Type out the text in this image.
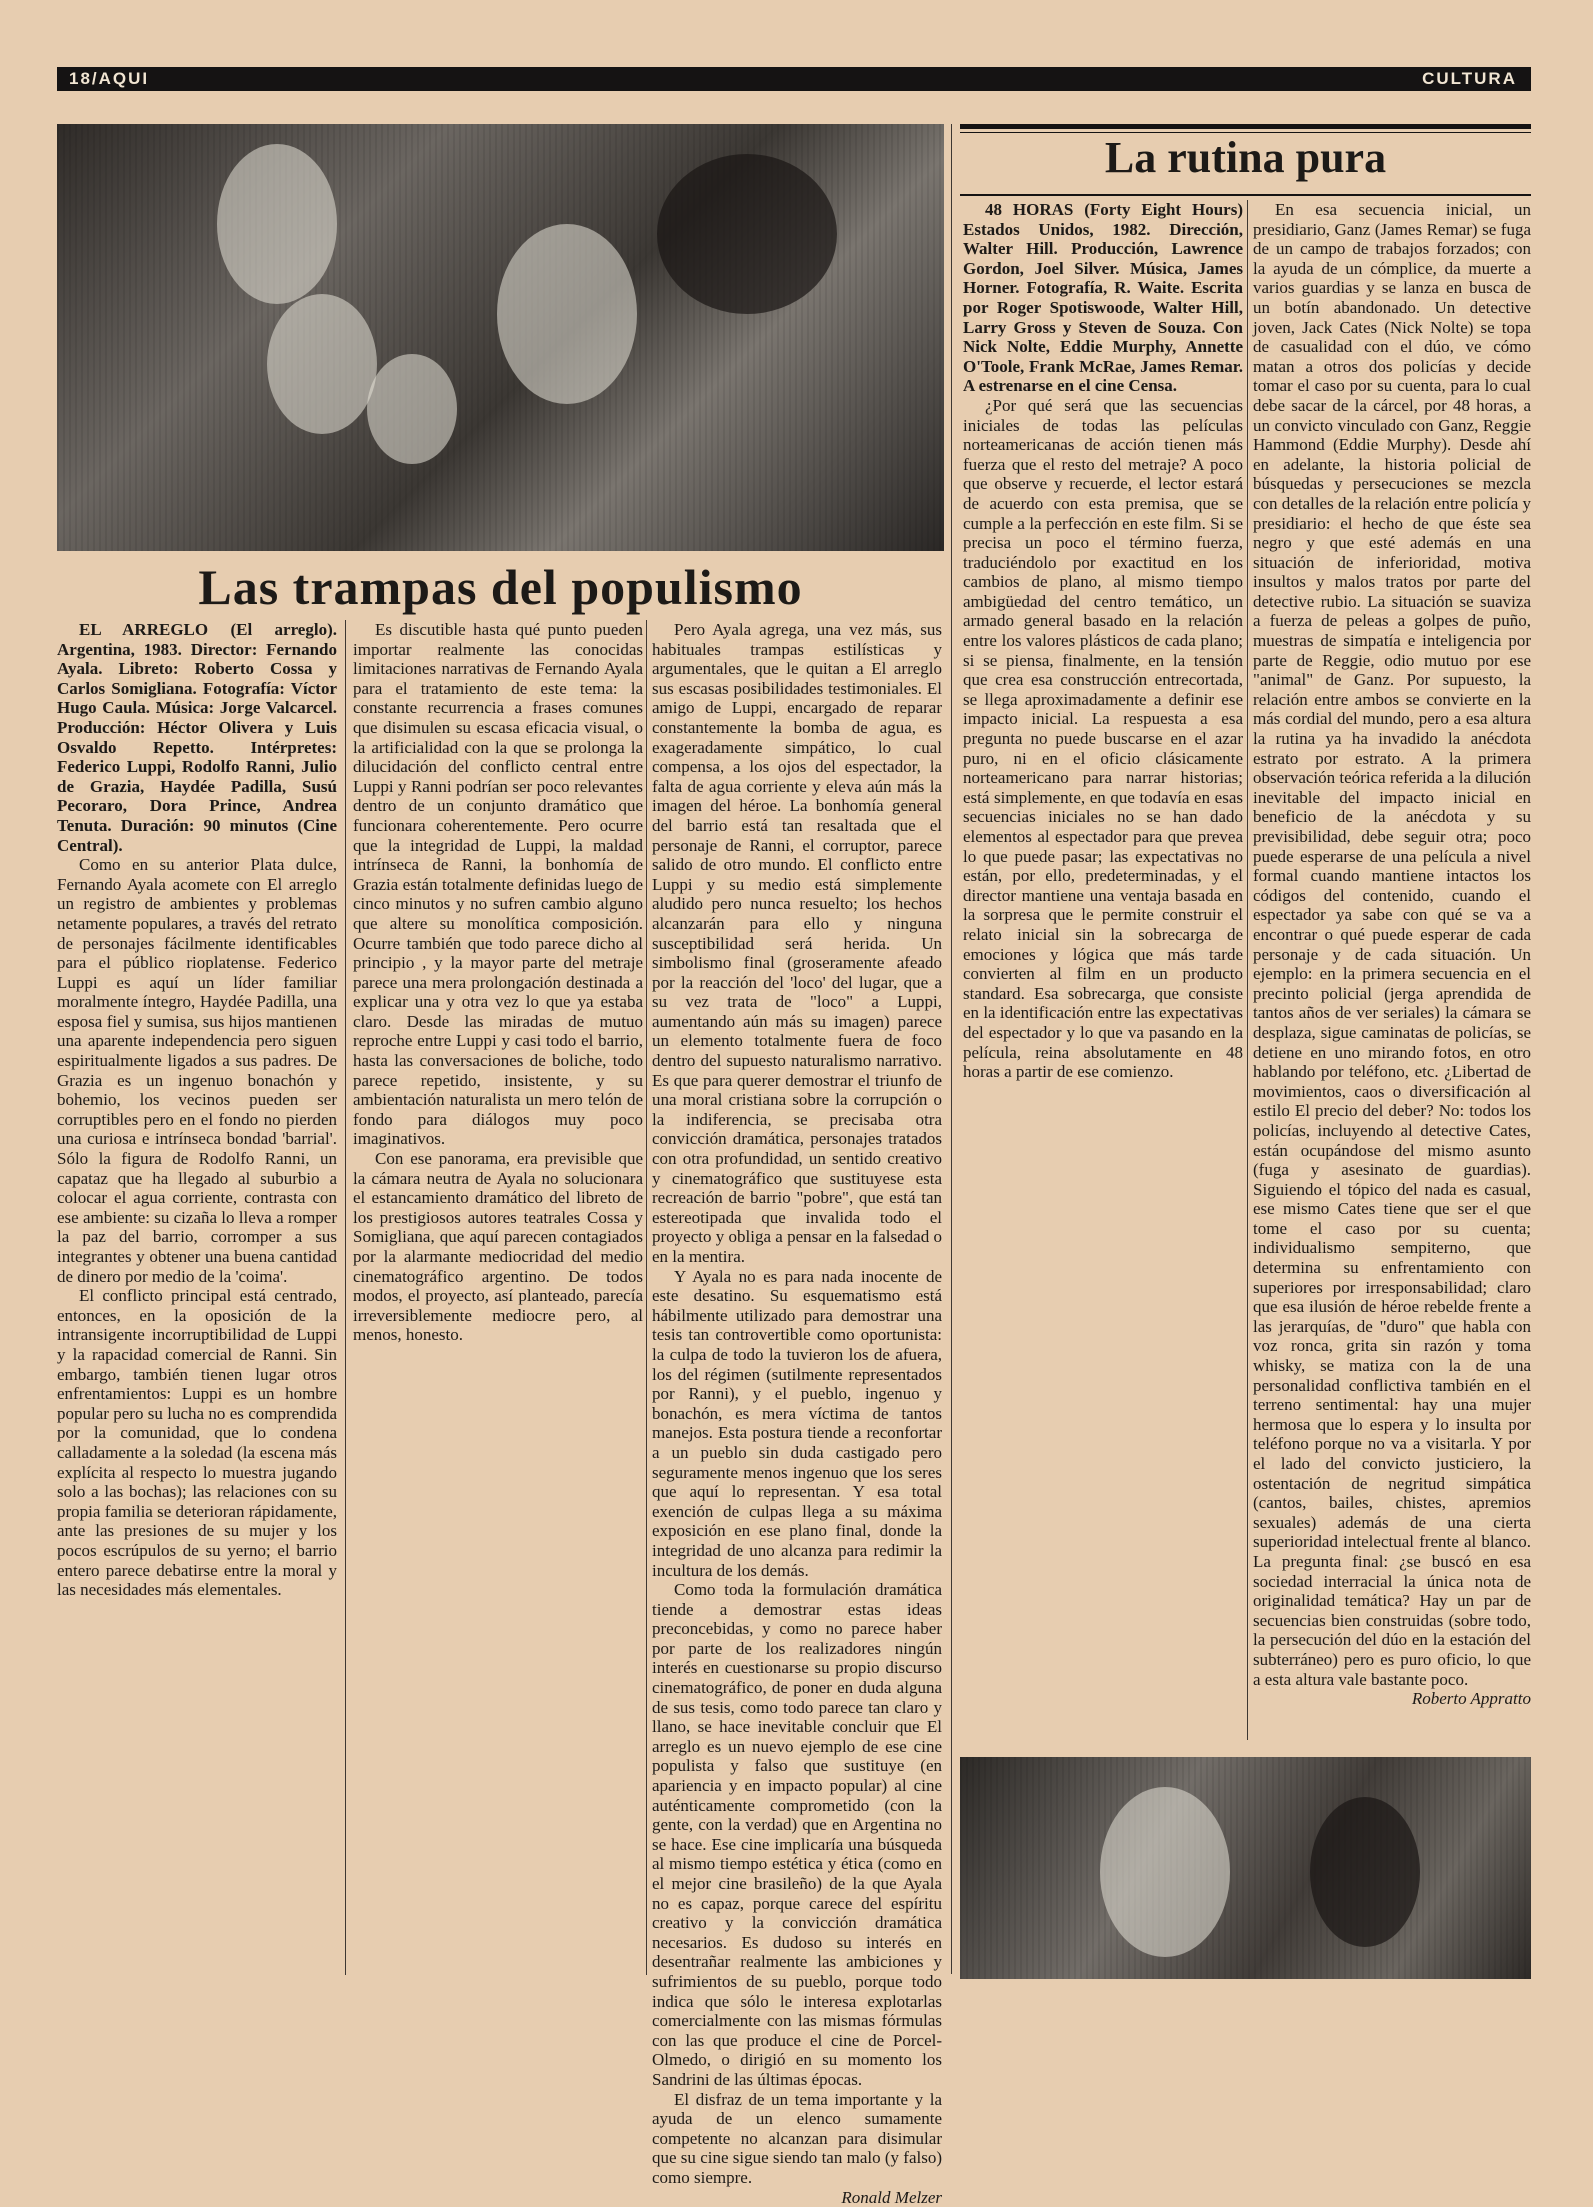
18/AQUI	CULTURA
Las trampas del populismo

EL ARREGLO (El arreglo). Argentina, 1983. Director: Fernando Ayala. Libreto: Roberto Cossa y Carlos Somigliana. Fotografía: Víctor Hugo Caula. Música: Jorge Valcarcel. Producción: Héctor Olivera y Luis Osvaldo Repetto. Intérpretes: Federico Luppi, Rodolfo Ranni, Julio de Grazia, Haydée Padilla, Susú Pecoraro, Dora Prince, Andrea Tenuta. Duración: 90 minutos (Cine Central).

Como en su anterior Plata dulce, Fernando Ayala acomete con El arreglo un registro de ambientes y problemas netamente populares, a través del retrato de personajes fácilmente identificables para el público rioplatense. Federico Luppi es aquí un líder familiar moralmente íntegro, Haydée Padilla, una esposa fiel y sumisa, sus hijos mantienen una aparente independencia pero siguen espiritualmente ligados a sus padres. De Grazia es un ingenuo bonachón y bohemio, los vecinos pueden ser corruptibles pero en el fondo no pierden una curiosa e intrínseca bondad 'barrial'. Sólo la figura de Rodolfo Ranni, un capataz que ha llegado al suburbio a colocar el agua corriente, contrasta con ese ambiente: su cizaña lo lleva a romper la paz del barrio, corromper a sus integrantes y obtener una buena cantidad de dinero por medio de la 'coima'.

El conflicto principal está centrado, entonces, en la oposición de la intransigente incorruptibilidad de Luppi y la rapacidad comercial de Ranni. Sin embargo, también tienen lugar otros enfrentamientos: Luppi es un hombre popular pero su lucha no es comprendida por la comunidad, que lo condena calladamente a la soledad (la escena más explícita al respecto lo muestra jugando solo a las bochas); las relaciones con su propia familia se deterioran rápidamente, ante las presiones de su mujer y los pocos escrúpulos de su yerno; el barrio entero parece debatirse entre la moral y las necesidades más elementales.

Es discutible hasta qué punto pueden importar realmente las conocidas limitaciones narrativas de Fernando Ayala para el tratamiento de este tema: la constante recurrencia a frases comunes que disimulen su escasa eficacia visual, o la artificialidad con la que se prolonga la dilucidación del conflicto central entre Luppi y Ranni podrían ser poco relevantes dentro de un conjunto dramático que funcionara coherentemente. Pero ocurre que la integridad de Luppi, la maldad intrínseca de Ranni, la bonhomía de Grazia están totalmente definidas luego de cinco minutos y no sufren cambio alguno que altere su monolítica composición. Ocurre también que todo parece dicho al principio , y la mayor parte del metraje parece una mera prolongación destinada a explicar una y otra vez lo que ya estaba claro. Desde las miradas de mutuo reproche entre Luppi y casi todo el barrio, hasta las conversaciones de boliche, todo parece repetido, insistente, y su ambientación naturalista un mero telón de fondo para diálogos muy poco imaginativos.

Con ese panorama, era previsible que la cámara neutra de Ayala no solucionara el estancamiento dramático del libreto de los prestigiosos autores teatrales Cossa y Somigliana, que aquí parecen contagiados por la alarmante mediocridad del medio cinematográfico argentino. De todos modos, el proyecto, así planteado, parecía irreversiblemente mediocre pero, al menos, honesto.

Pero Ayala agrega, una vez más, sus habituales trampas estilísticas y argumentales, que le quitan a El arreglo sus escasas posibilidades testimoniales. El amigo de Luppi, encargado de reparar constantemente la bomba de agua, es exageradamente simpático, lo cual compensa, a los ojos del espectador, la falta de agua corriente y eleva aún más la imagen del héroe. La bonhomía general del barrio está tan resaltada que el personaje de Ranni, el corruptor, parece salido de otro mundo. El conflicto entre Luppi y su medio está simplemente aludido pero nunca resuelto; los hechos alcanzarán para ello y ninguna susceptibilidad será herida. Un simbolismo final (groseramente afeado por la reacción del 'loco' del lugar, que a su vez trata de "loco" a Luppi, aumentando aún más su imagen) parece un elemento totalmente fuera de foco dentro del supuesto naturalismo narrativo. Es que para querer demostrar el triunfo de una moral cristiana sobre la corrupción o la indiferencia, se precisaba otra convicción dramática, personajes tratados con otra profundidad, un sentido creativo y cinematográfico que sustituyese esta recreación de barrio "pobre", que está tan estereotipada que invalida todo el proyecto y obliga a pensar en la falsedad o en la mentira.

Y Ayala no es para nada inocente de este desatino. Su esquematismo está hábilmente utilizado para demostrar una tesis tan controvertible como oportunista: la culpa de todo la tuvieron los de afuera, los del régimen (sutilmente representados por Ranni), y el pueblo, ingenuo y bonachón, es mera víctima de tantos manejos. Esta postura tiende a reconfortar a un pueblo sin duda castigado pero seguramente menos ingenuo que los seres que aquí lo representan. Y esa total exención de culpas llega a su máxima exposición en ese plano final, donde la integridad de uno alcanza para redimir la incultura de los demás.

Como toda la formulación dramática tiende a demostrar estas ideas preconcebidas, y como no parece haber por parte de los realizadores ningún interés en cuestionarse su propio discurso cinematográfico, de poner en duda alguna de sus tesis, como todo parece tan claro y llano, se hace inevitable concluir que El arreglo es un nuevo ejemplo de ese cine populista y falso que sustituye (en apariencia y en impacto popular) al cine auténticamente comprometido (con la gente, con la verdad) que en Argentina no se hace. Ese cine implicaría una búsqueda al mismo tiempo estética y ética (como en el mejor cine brasileño) de la que Ayala no es capaz, porque carece del espíritu creativo y la convicción dramática necesarios. Es dudoso su interés en desentrañar realmente las ambiciones y sufrimientos de su pueblo, porque todo indica que sólo le interesa explotarlas comercialmente con las mismas fórmulas con las que produce el cine de Porcel-Olmedo, o dirigió en su momento los Sandrini de las últimas épocas.

El disfraz de un tema importante y la ayuda de un elenco sumamente competente no alcanzan para disimular que su cine sigue siendo tan malo (y falso) como siempre.

Ronald Melzer

La rutina pura

48 HORAS (Forty Eight Hours) Estados Unidos, 1982. Dirección, Walter Hill. Producción, Lawrence Gordon, Joel Silver. Música, James Horner. Fotografía, R. Waite. Escrita por Roger Spotiswoode, Walter Hill, Larry Gross y Steven de Souza. Con Nick Nolte, Eddie Murphy, Annette O'Toole, Frank McRae, James Remar. A estrenarse en el cine Censa.

¿Por qué será que las secuencias iniciales de todas las películas norteamericanas de acción tienen más fuerza que el resto del metraje? A poco que observe y recuerde, el lector estará de acuerdo con esta premisa, que se cumple a la perfección en este film. Si se precisa un poco el término fuerza, traduciéndolo por exactitud en los cambios de plano, al mismo tiempo ambigüedad del centro temático, un armado general basado en la relación entre los valores plásticos de cada plano; si se piensa, finalmente, en la tensión que crea esa construcción entrecortada, se llega aproximadamente a definir ese impacto inicial. La respuesta a esa pregunta no puede buscarse en el azar puro, ni en el oficio clásicamente norteamericano para narrar historias; está simplemente, en que todavía en esas secuencias iniciales no se han dado elementos al espectador para que prevea lo que puede pasar; las expectativas no están, por ello, predeterminadas, y el director mantiene una ventaja basada en la sorpresa que le permite construir el relato inicial sin la sobrecarga de emociones y lógica que más tarde convierten al film en un producto standard. Esa sobrecarga, que consiste en la identificación entre las expectativas del espectador y lo que va pasando en la película, reina absolutamente en 48 horas a partir de ese comienzo.

En esa secuencia inicial, un presidiario, Ganz (James Remar) se fuga de un campo de trabajos forzados; con la ayuda de un cómplice, da muerte a varios guardias y se lanza en busca de un botín abandonado. Un detective joven, Jack Cates (Nick Nolte) se topa de casualidad con el dúo, ve cómo matan a otros dos policías y decide tomar el caso por su cuenta, para lo cual debe sacar de la cárcel, por 48 horas, a un convicto vinculado con Ganz, Reggie Hammond (Eddie Murphy). Desde ahí en adelante, la historia policial de búsquedas y persecuciones se mezcla con detalles de la relación entre policía y presidiario: el hecho de que éste sea negro y que esté además en una situación de inferioridad, motiva insultos y malos tratos por parte del detective rubio. La situación se suaviza a fuerza de peleas a golpes de puño, muestras de simpatía e inteligencia por parte de Reggie, odio mutuo por ese "animal" de Ganz. Por supuesto, la relación entre ambos se convierte en la más cordial del mundo, pero a esa altura la rutina ya ha invadido la anécdota estrato por estrato. A la primera observación teórica referida a la dilución inevitable del impacto inicial en beneficio de la anécdota y su previsibilidad, debe seguir otra; poco puede esperarse de una película a nivel formal cuando mantiene intactos los códigos del contenido, cuando el espectador ya sabe con qué se va a encontrar o qué puede esperar de cada personaje y de cada situación. Un ejemplo: en la primera secuencia en el precinto policial (jerga aprendida de tantos años de ver seriales) la cámara se desplaza, sigue caminatas de policías, se detiene en uno mirando fotos, en otro hablando por teléfono, etc. ¿Libertad de movimientos, caos o diversificación al estilo El precio del deber? No: todos los policías, incluyendo al detective Cates, están ocupándose del mismo asunto (fuga y asesinato de guardias). Siguiendo el tópico del nada es casual, ese mismo Cates tiene que ser el que tome el caso por su cuenta; individualismo sempiterno, que determina su enfrentamiento con superiores por irresponsabilidad; claro que esa ilusión de héroe rebelde frente a las jerarquías, de "duro" que habla con voz ronca, grita sin razón y toma whisky, se matiza con la de una personalidad conflictiva también en el terreno sentimental: hay una mujer hermosa que lo espera y lo insulta por teléfono porque no va a visitarla. Y por el lado del convicto justiciero, la ostentación de negritud simpática (cantos, bailes, chistes, apremios sexuales) además de una cierta superioridad intelectual frente al blanco. La pregunta final: ¿se buscó en esa sociedad interracial la única nota de originalidad temática? Hay un par de secuencias bien construidas (sobre todo, la persecución del dúo en la estación del subterráneo) pero es puro oficio, lo que a esta altura vale bastante poco.

Roberto Appratto
